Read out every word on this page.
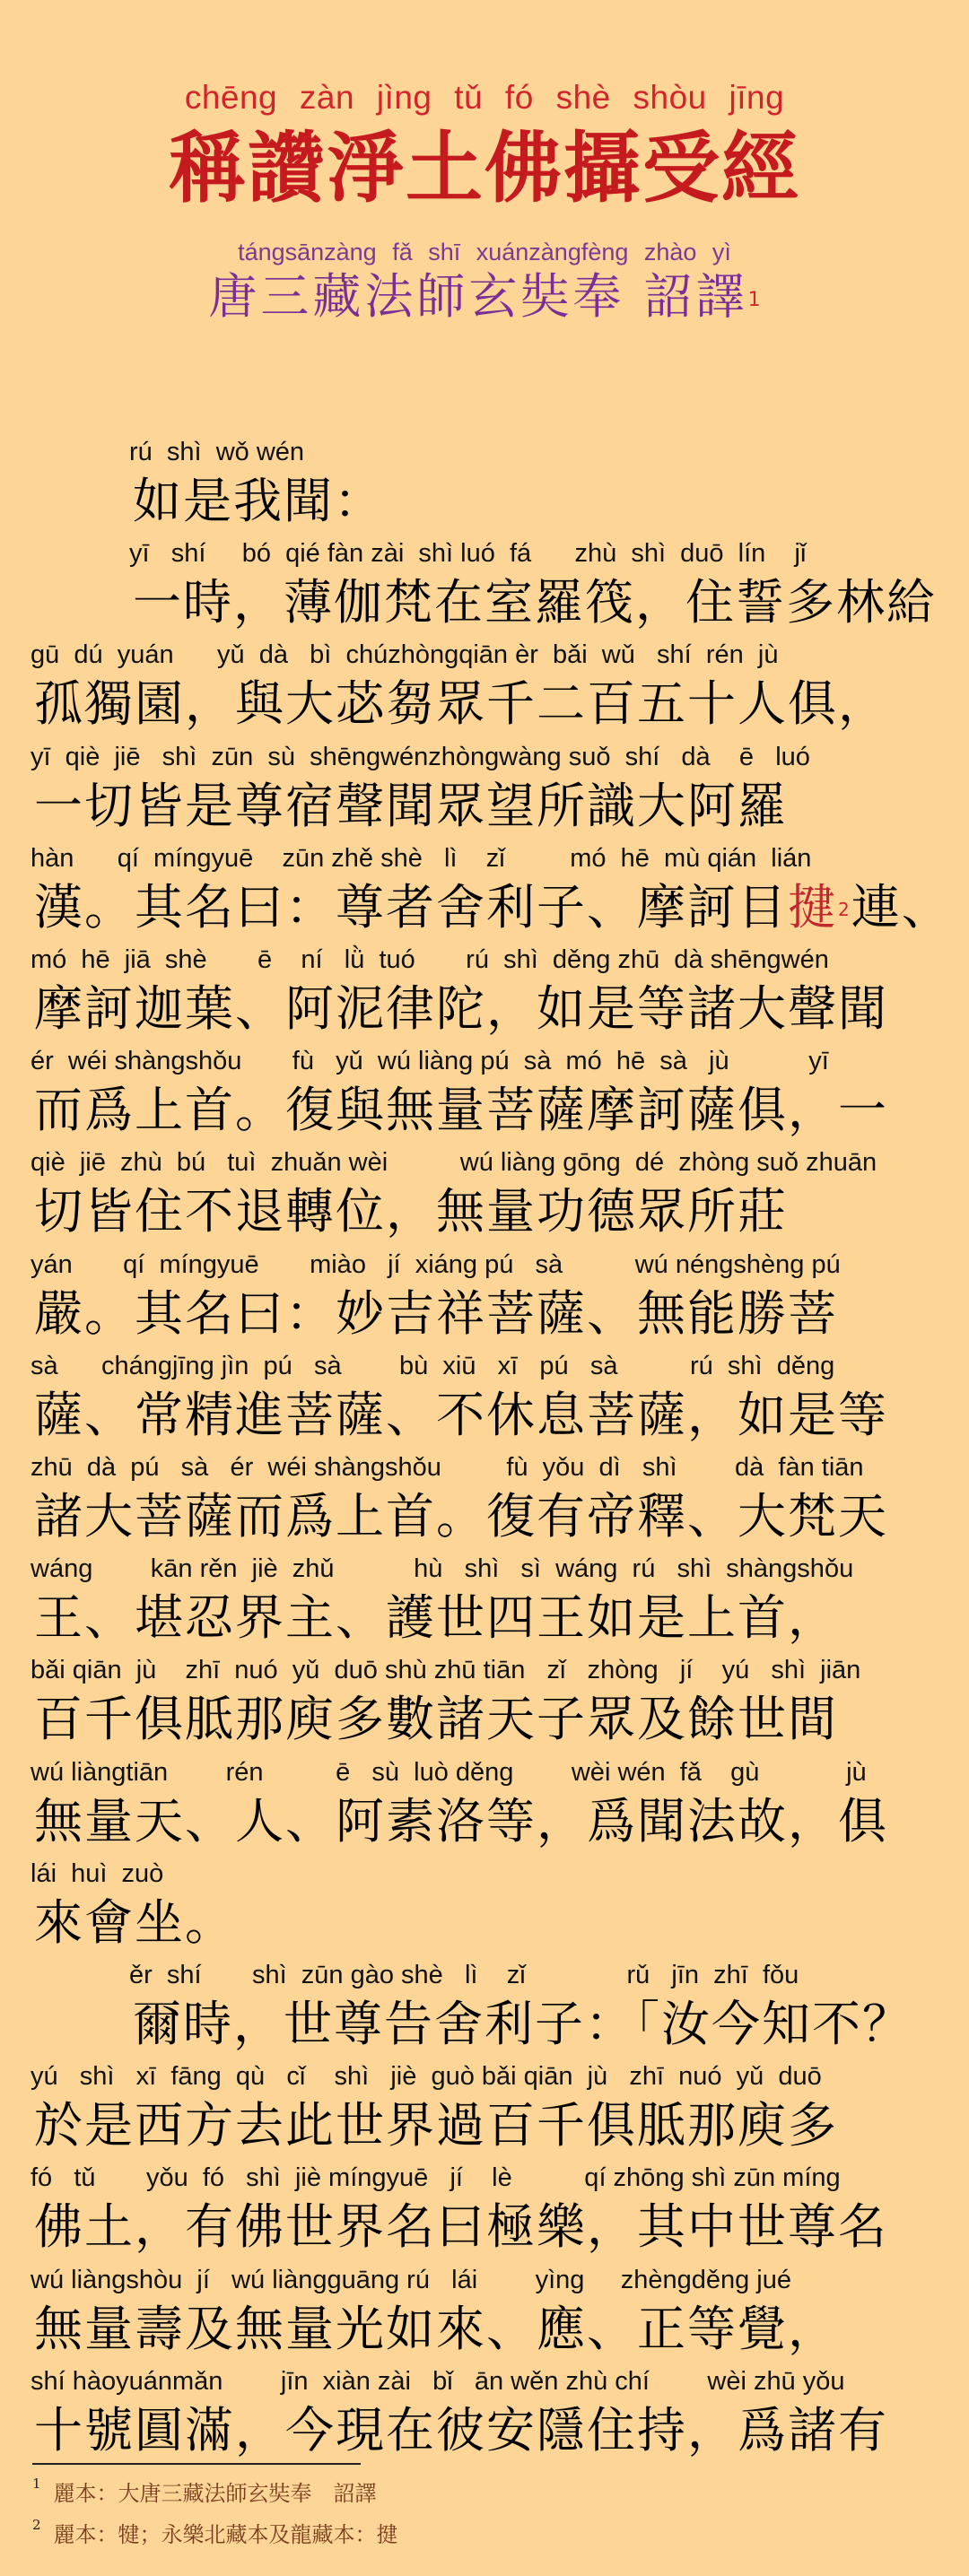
chēng zàn jìng tǔ fó shè shòu jīng
稱讚淨土佛攝受經
tángsānzàng fǎ shī xuánzàngfèng zhào yì
唐三藏法師玄奘奉 詔譯$^1$
rú  shì  wǒ wén
如是我聞：
yī   shí     bó  qié fàn zài  shì luó  fá      zhù  shì  duō  lín    jǐ
一時，薄伽梵在室羅筏，住誓多林給
gū  dú  yuán      yǔ  dà   bì  chúzhòngqiān èr  bǎi  wǔ   shí  rén  jù
孤獨園，與大苾芻眾千二百五十人俱，
yī  qiè  jiē   shì  zūn  sù  shēngwénzhòngwàng suǒ  shí   dà    ē   luó
一切皆是尊宿聲聞眾望所識大阿羅
hàn      qí  míngyuē    zūn zhě shè   lì    zǐ         mó  hē  mù qián  lián
漢。其名曰：尊者舍利子、摩訶目揵$^2$連、
mó  hē  jiā  shè       ē    ní   lǜ  tuó       rú  shì  děng zhū  dà shēngwén
摩訶迦葉、阿泥律陀，如是等諸大聲聞
ér  wéi shàngshǒu       fù   yǔ  wú liàng pú  sà  mó  hē  sà   jù           yī
而爲上首。復與無量菩薩摩訶薩俱，一
qiè  jiē  zhù  bú   tuì  zhuǎn wèi          wú liàng gōng  dé  zhòng suǒ zhuān
切皆住不退轉位，無量功德眾所莊
yán       qí  míngyuē       miào   jí  xiáng pú   sà          wú néngshèng pú
嚴。其名曰：妙吉祥菩薩、無能勝菩
sà      chángjīng jìn  pú   sà        bù  xiū   xī   pú   sà          rú  shì  děng
薩、常精進菩薩、不休息菩薩，如是等
zhū  dà  pú   sà   ér  wéi shàngshǒu         fù  yǒu  dì   shì        dà  fàn tiān
諸大菩薩而爲上首。復有帝釋、大梵天
wáng        kān rěn  jiè  zhǔ           hù   shì   sì  wáng  rú   shì  shàngshǒu
王、堪忍界主、護世四王如是上首，
bǎi qiān  jù    zhī  nuó  yǔ  duō shù zhū tiān   zǐ   zhòng   jí    yú   shì  jiān
百千俱胝那庾多數諸天子眾及餘世間
wú liàngtiān        rén          ē   sù  luò děng        wèi wén  fǎ    gù            jù
無量天、人、阿素洛等，爲聞法故，俱
lái  huì  zuò
來會坐。
ěr  shí       shì  zūn gào shè   lì    zǐ              rǔ   jīn  zhī  fǒu
爾時，世尊告舍利子：「汝今知不？
yú   shì   xī  fāng  qù   cǐ    shì   jiè  guò bǎi qiān  jù   zhī  nuó  yǔ  duō
於是西方去此世界過百千俱胝那庾多
fó   tǔ       yǒu  fó   shì  jiè míngyuē   jí    lè          qí zhōng shì zūn míng
佛土，有佛世界名曰極樂，其中世尊名
wú liàngshòu  jí   wú liàngguāng rú   lái        yìng     zhèngděng jué
無量壽及無量光如來、應、正等覺，
shí hàoyuánmǎn        jīn  xiàn zài   bǐ   ān wěn zhù chí        wèi zhū yǒu
十號圓滿，今現在彼安隱住持，爲諸有
$^1$ 麗本：大唐三藏法師玄奘奉　詔譯
$^2$ 麗本：犍；永樂北藏本及龍藏本：揵
